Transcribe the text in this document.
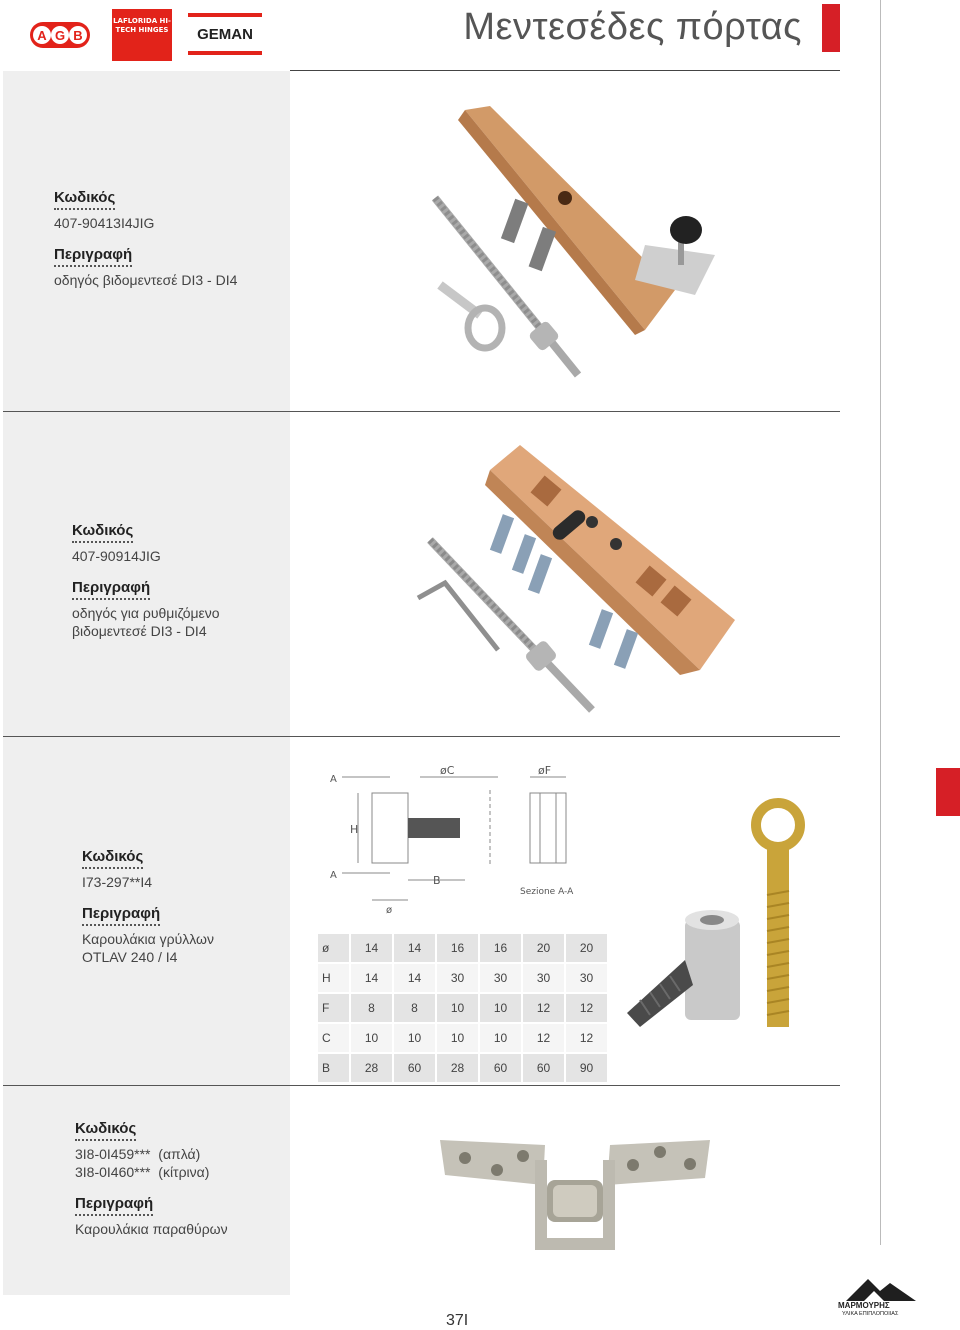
A G B
LAFLORIDA HI-TECH HINGES	GEMAN	Μεντεσέδες πόρτας
Κωδικός
407-90413I4JIG
Περιγραφή
οδηγός βιδομεντεσέ DI3 - DI4
Κωδικός
407-90914JIG
Περιγραφή
οδηγός για ρυθμιζόμενο
βιδομεντεσέ DI3 - DI4
Κωδικός
I73-297**I4
Περιγραφή
Καρουλάκια γρύλλων
OTLAV 240 / I4
A
øC	øF
H
A	B
ø
Sezione A-A
ø	14	14	16	16	20	20
H	14	14	30	30	30	30
F	8	8	10	10	12	12
C	10	10	10	10	12	12
B	28	60	28	60	60	90
Κωδικός
3I8-0I459***  (απλά)
3I8-0I460***  (κίτρινα)
Περιγραφή
Καρουλάκια παραθύρων
37I
ΜΑΡΜΟΥΡΗΣ
ΥΛΙΚΑ ΕΠΙΠΛΟΠΟΙΙΑΣ
